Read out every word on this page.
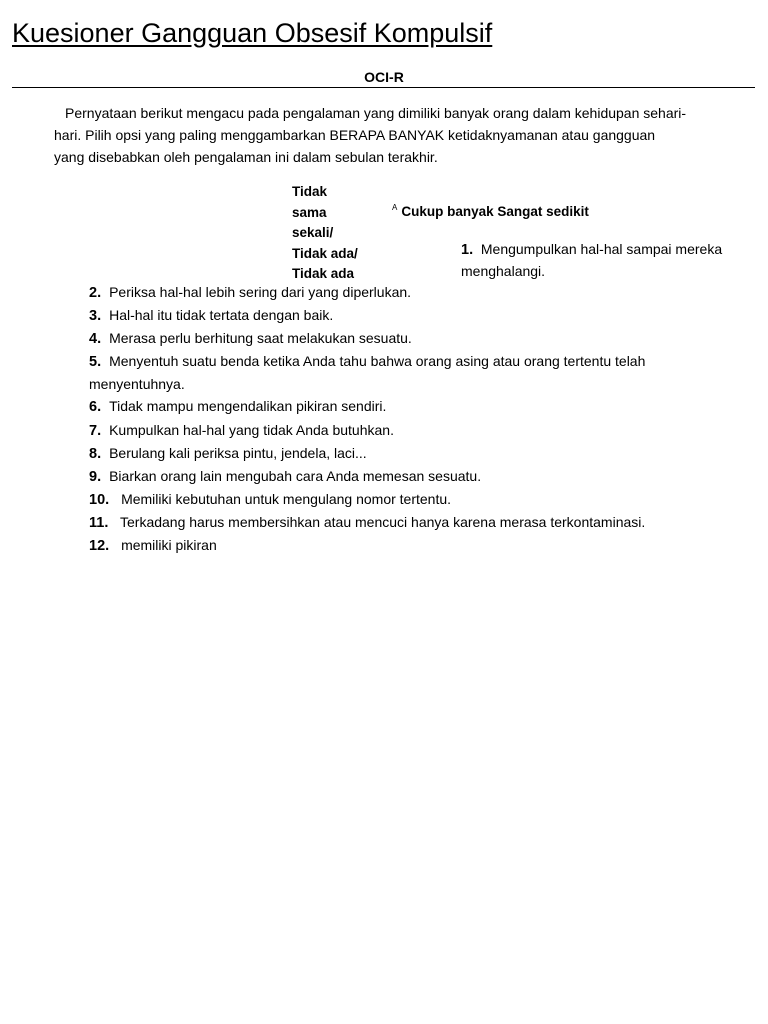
Kuesioner Gangguan Obsesif Kompulsif
OCI-R
Pernyataan berikut mengacu pada pengalaman yang dimiliki banyak orang dalam kehidupan sehari-
hari. Pilih opsi yang paling menggambarkan BERAPA BANYAK ketidaknyamanan atau gangguan
yang disebabkan oleh pengalaman ini dalam sebulan terakhir.
Tidak
sama
sekali/
Tidak ada/
Tidak ada
$^A$ Cukup banyak Sangat sedikit
1. Mengumpulkan hal-hal sampai mereka
menghalangi.
2. Periksa hal-hal lebih sering dari yang diperlukan.
3. Hal-hal itu tidak tertata dengan baik.
4. Merasa perlu berhitung saat melakukan sesuatu.
5. Menyentuh suatu benda ketika Anda tahu bahwa orang asing atau orang tertentu telah
menyentuhnya.
6. Tidak mampu mengendalikan pikiran sendiri.
7. Kumpulkan hal-hal yang tidak Anda butuhkan.
8. Berulang kali periksa pintu, jendela, laci...
9. Biarkan orang lain mengubah cara Anda memesan sesuatu.
10. Memiliki kebutuhan untuk mengulang nomor tertentu.
11. Terkadang harus membersihkan atau mencuci hanya karena merasa terkontaminasi.
12. memiliki pikiran
